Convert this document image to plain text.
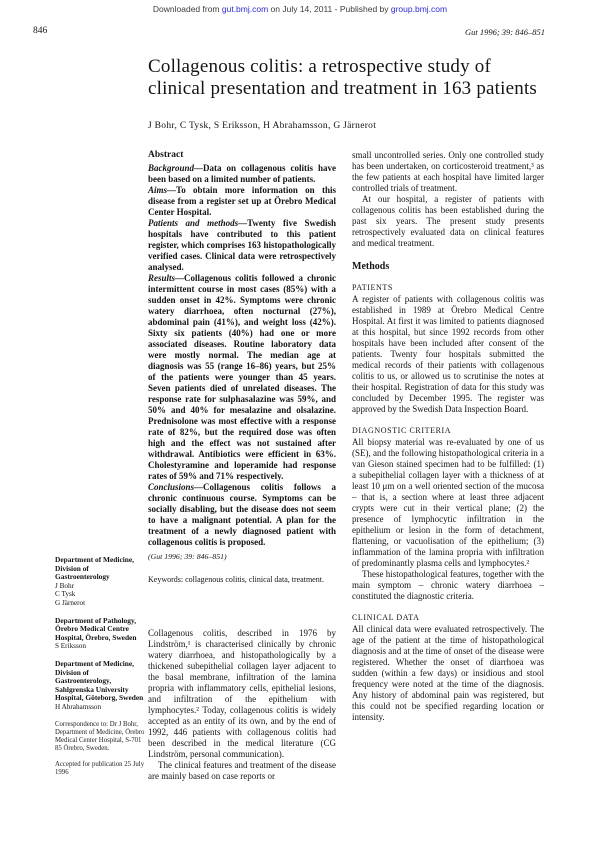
Downloaded from gut.bmj.com on July 14, 2011 - Published by group.bmj.com
846	Gut 1996; 39: 846–851
Collagenous colitis: a retrospective study of clinical presentation and treatment in 163 patients
J Bohr, C Tysk, S Eriksson, H Abrahamsson, G Järnerot
Abstract

Background—Data on collagenous colitis have been based on a limited number of patients.

Aims—To obtain more information on this disease from a register set up at Örebro Medical Center Hospital.

Patients and methods—Twenty five Swedish hospitals have contributed to this patient register, which comprises 163 histopathologically verified cases. Clinical data were retrospectively analysed.

Results—Collagenous colitis followed a chronic intermittent course in most cases (85%) with a sudden onset in 42%. Symptoms were chronic watery diarrhoea, often nocturnal (27%), abdominal pain (41%), and weight loss (42%). Sixty six patients (40%) had one or more associated diseases. Routine laboratory data were mostly normal. The median age at diagnosis was 55 (range 16–86) years, but 25% of the patients were younger than 45 years. Seven patients died of unrelated diseases. The response rate for sulphasalazine was 59%, and 50% and 40% for mesalazine and olsalazine. Prednisolone was most effective with a response rate of 82%, but the required dose was often high and the effect was not sustained after withdrawal. Antibiotics were efficient in 63%. Cholestyramine and loperamide had response rates of 59% and 71% respectively.

Conclusions—Collagenous colitis follows a chronic continuous course. Symptoms can be socially disabling, but the disease does not seem to have a malignant potential. A plan for the treatment of a newly diagnosed patient with collagenous colitis is proposed.

(Gut 1996; 39: 846–851)
Keywords: collagenous colitis, clinical data, treatment.

Collagenous colitis, described in 1976 by Lindström,¹ is characterised clinically by chronic watery diarrhoea, and histopathologically by a thickened subepithelial collagen layer adjacent to the basal membrane, infiltration of the lamina propria with inflammatory cells, epithelial lesions, and infiltration of the epithelium with lymphocytes.² Today, collagenous colitis is widely accepted as an entity of its own, and by the end of 1992, 446 patients with collagenous colitis had been described in the medical literature (CG Lindström, personal communication).

The clinical features and treatment of the disease are mainly based on case reports or

small uncontrolled series. Only one controlled study has been undertaken, on corticosteroid treatment,³ as the few patients at each hospital have limited larger controlled trials of treatment.

At our hospital, a register of patients with collagenous colitis has been established during the past six years. The present study presents retrospectively evaluated data on clinical features and medical treatment.

Methods
PATIENTS

A register of patients with collagenous colitis was established in 1989 at Örebro Medical Centre Hospital. At first it was limited to patients diagnosed at this hospital, but since 1992 records from other hospitals have been included after consent of the patients. Twenty four hospitals submitted the medical records of their patients with collagenous colitis to us, or allowed us to scrutinise the notes at their hospital. Registration of data for this study was concluded by December 1995. The register was approved by the Swedish Data Inspection Board.

DIAGNOSTIC CRITERIA

All biopsy material was re-evaluated by one of us (SE), and the following histopathological criteria in a van Gieson stained specimen had to be fulfilled: (1) a subepithelial collagen layer with a thickness of at least 10 μm on a well oriented section of the mucosa – that is, a section where at least three adjacent crypts were cut in their vertical plane; (2) the presence of lymphocytic infiltration in the epithelium or lesion in the form of detachment, flattening, or vacuolisation of the epithelium; (3) inflammation of the lamina propria with infiltration of predominantly plasma cells and lymphocytes.²

These histopathological features, together with the main symptom – chronic watery diarrhoea – constituted the diagnostic criteria.

CLINICAL DATA

All clinical data were evaluated retrospectively. The age of the patient at the time of histopathological diagnosis and at the time of onset of the disease were registered. Whether the onset of diarrhoea was sudden (within a few days) or insidious and stool frequency were noted at the time of the diagnosis. Any history of abdominal pain was registered, but this could not be specified regarding location or intensity.

Department of Medicine, Division of Gastroenterology
J Bohr
C Tysk
G Järnerot
Department of Pathology, Örebro Medical Centre Hospital, Örebro, Sweden
S Eriksson
Department of Medicine, Division of Gastroenterology, Sahlgrenska University Hospital, Göteborg, Sweden
H Abrahamsson
Correspondence to: Dr J Bohr, Department of Medicine, Örebro Medical Center Hospital, S-701 85 Örebro, Sweden.
Accepted for publication 25 July 1996
